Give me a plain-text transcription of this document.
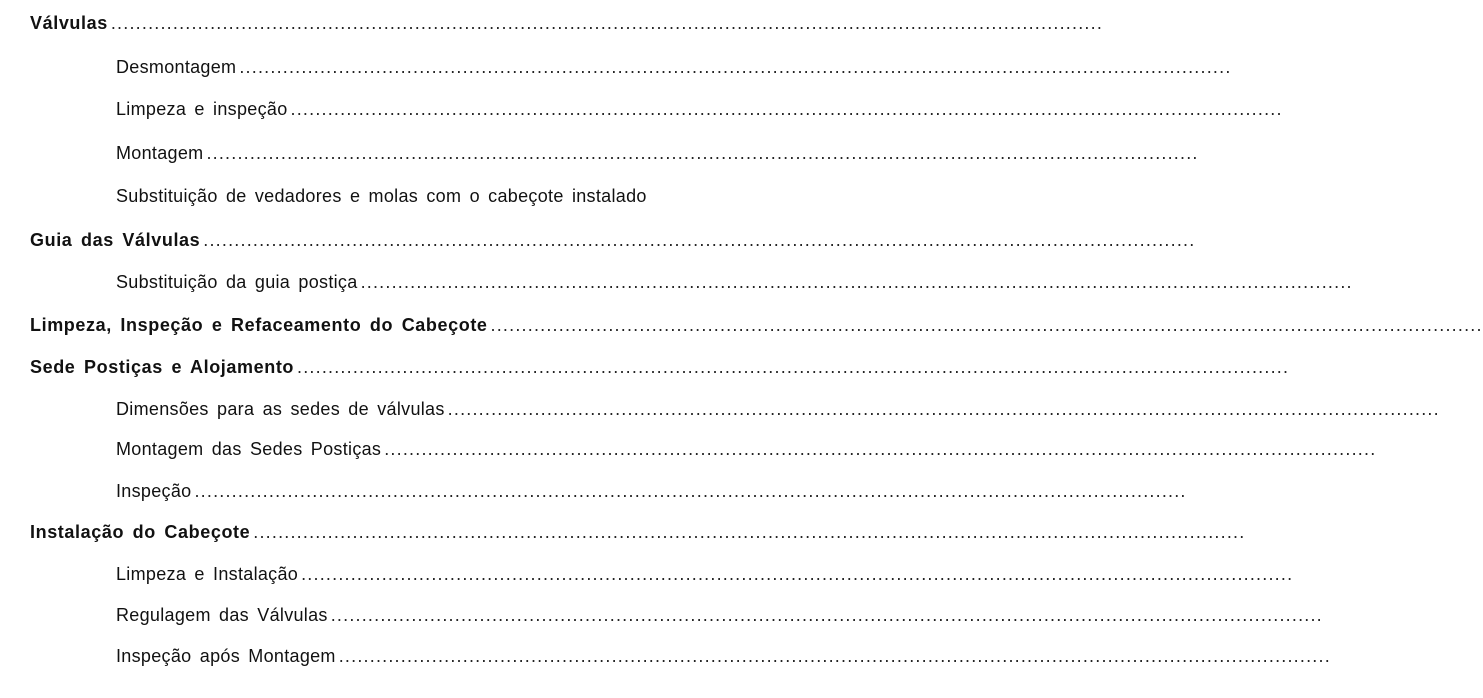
Válvulas ................................................................................................................................................................
Desmontagem ................................................................................................................................................................
Limpeza e inspeção ................................................................................................................................................................
Montagem ................................................................................................................................................................
Substituição de vedadores e molas com o cabeçote instalado
Guia das Válvulas ................................................................................................................................................................
Substituição da guia postiça ................................................................................................................................................................
Limpeza, Inspeção e Refaceamento do Cabeçote ................................................................................................................................................................
Sede Postiças e Alojamento ................................................................................................................................................................
Dimensões para as sedes de válvulas ................................................................................................................................................................
Montagem das Sedes Postiças ................................................................................................................................................................
Inspeção ................................................................................................................................................................
Instalação do Cabeçote ................................................................................................................................................................
Limpeza e Instalação ................................................................................................................................................................
Regulagem das Válvulas ................................................................................................................................................................
Inspeção após Montagem ................................................................................................................................................................
